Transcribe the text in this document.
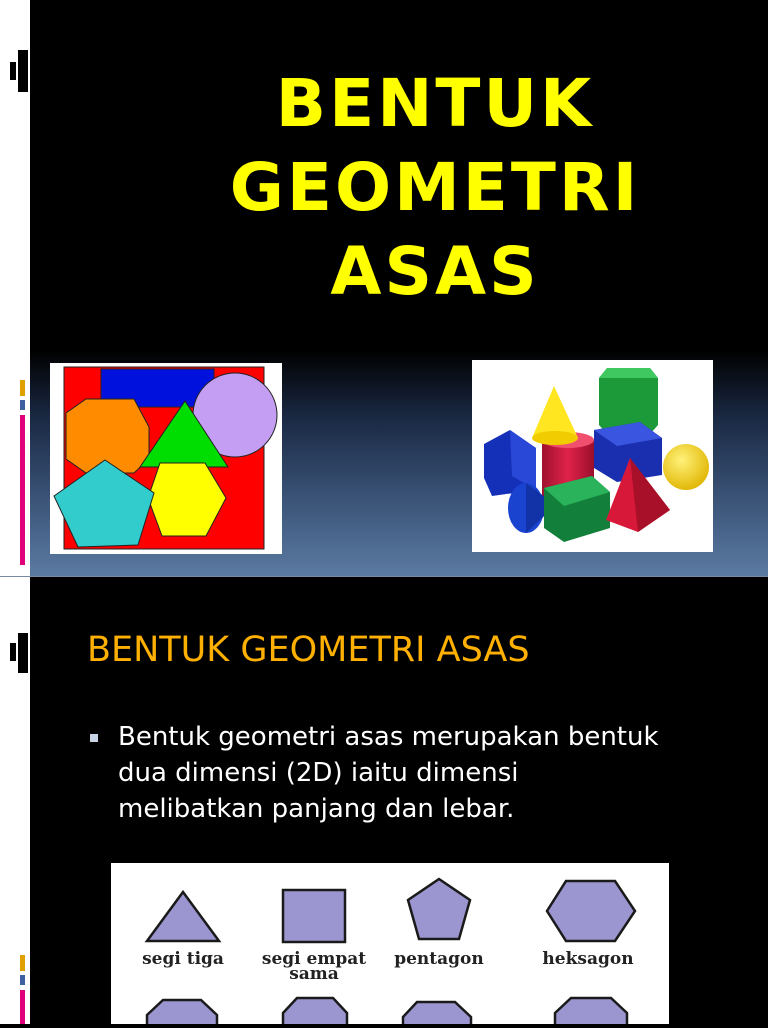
BENTUK
GEOMETRI
ASAS
BENTUK GEOMETRI ASAS
Bentuk geometri asas merupakan bentuk
dua dimensi (2D) iaitu dimensi
melibatkan panjang dan lebar.
segi tiga segi empat
sama
pentagon	heksagon
